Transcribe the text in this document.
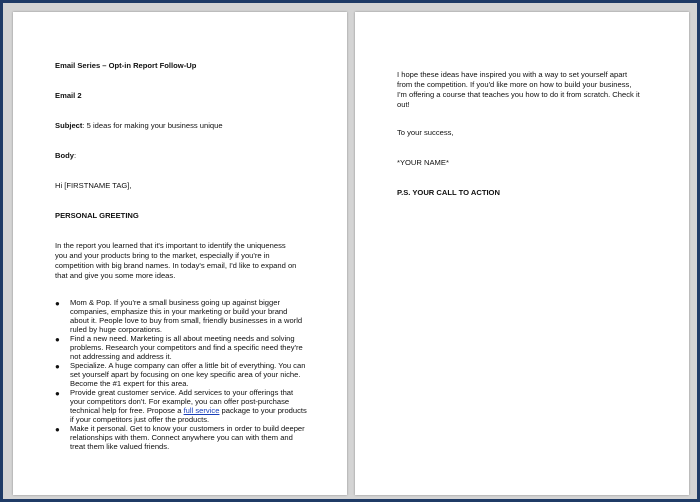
Email Series – Opt-in Report Follow-Up
Email 2
Subject: 5 ideas for making your business unique
Body:
Hi [FIRSTNAME TAG],
PERSONAL GREETING
In the report you learned that it's important to identify the uniqueness
you and your products bring to the market, especially if you're in
competition with big brand names. In today's email, I'd like to expand on
that and give you some more ideas.
● Mom & Pop. If you're a small business going up against bigger
companies, emphasize this in your marketing or build your brand
about it. People love to buy from small, friendly businesses in a world
ruled by huge corporations.
● Find a new need. Marketing is all about meeting needs and solving
problems. Research your competitors and find a specific need they're
not addressing and address it.
● Specialize. A huge company can offer a little bit of everything. You can
set yourself apart by focusing on one key specific area of your niche.
Become the #1 expert for this area.
● Provide great customer service. Add services to your offerings that
your competitors don't. For example, you can offer post-purchase
technical help for free. Propose a full service package to your products
if your competitors just offer the products.
● Make it personal. Get to know your customers in order to build deeper
relationships with them. Connect anywhere you can with them and
treat them like valued friends.
I hope these ideas have inspired you with a way to set yourself apart
from the competition. If you'd like more on how to build your business,
I'm offering a course that teaches you how to do it from scratch. Check it
out!
To your success,
*YOUR NAME*
P.S. YOUR CALL TO ACTION
